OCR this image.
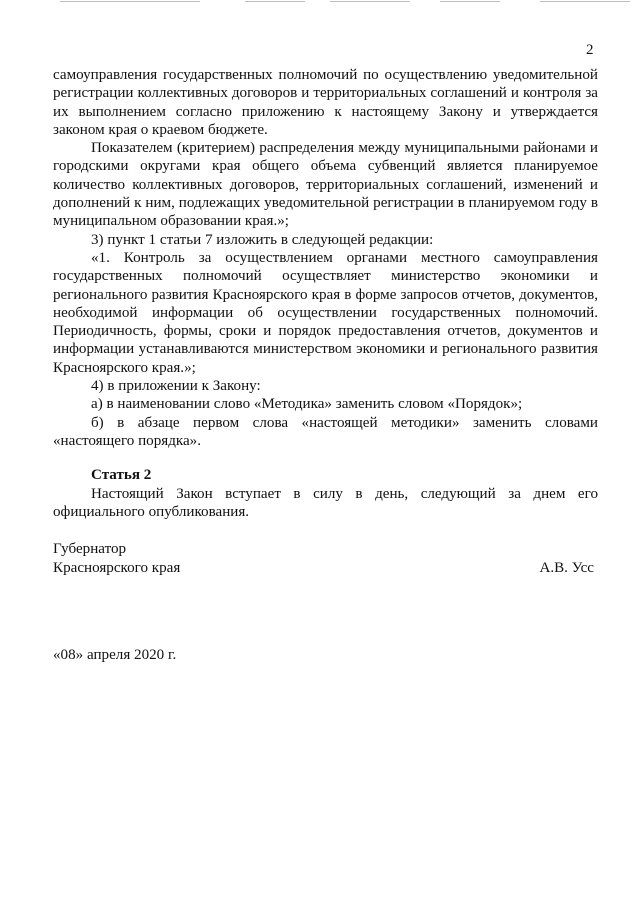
2

самоуправления государственных полномочий по осуществлению уведомительной регистрации коллективных договоров и территориальных соглашений и контроля за их выполнением согласно приложению к настоящему Закону и утверждается законом края о краевом бюджете.

Показателем (критерием) распределения между муниципальными районами и городскими округами края общего объема субвенций является планируемое количество коллективных договоров, территориальных соглашений, изменений и дополнений к ним, подлежащих уведомительной регистрации в планируемом году в муниципальном образовании края.»;

3) пункт 1 статьи 7 изложить в следующей редакции:

«1. Контроль за осуществлением органами местного самоуправления государственных полномочий осуществляет министерство экономики и регионального развития Красноярского края в форме запросов отчетов, документов, необходимой информации об осуществлении государственных полномочий. Периодичность, формы, сроки и порядок предоставления отчетов, документов и информации устанавливаются министерством экономики и регионального развития Красноярского края.»;

4) в приложении к Закону:

а) в наименовании слово «Методика» заменить словом «Порядок»;

б) в абзаце первом слова «настоящей методики» заменить словами «настоящего порядка».

Статья 2

Настоящий Закон вступает в силу в день, следующий за днем его официального опубликования.

Губернатор
Красноярского края	А.В. Усс
«08» апреля 2020 г.
